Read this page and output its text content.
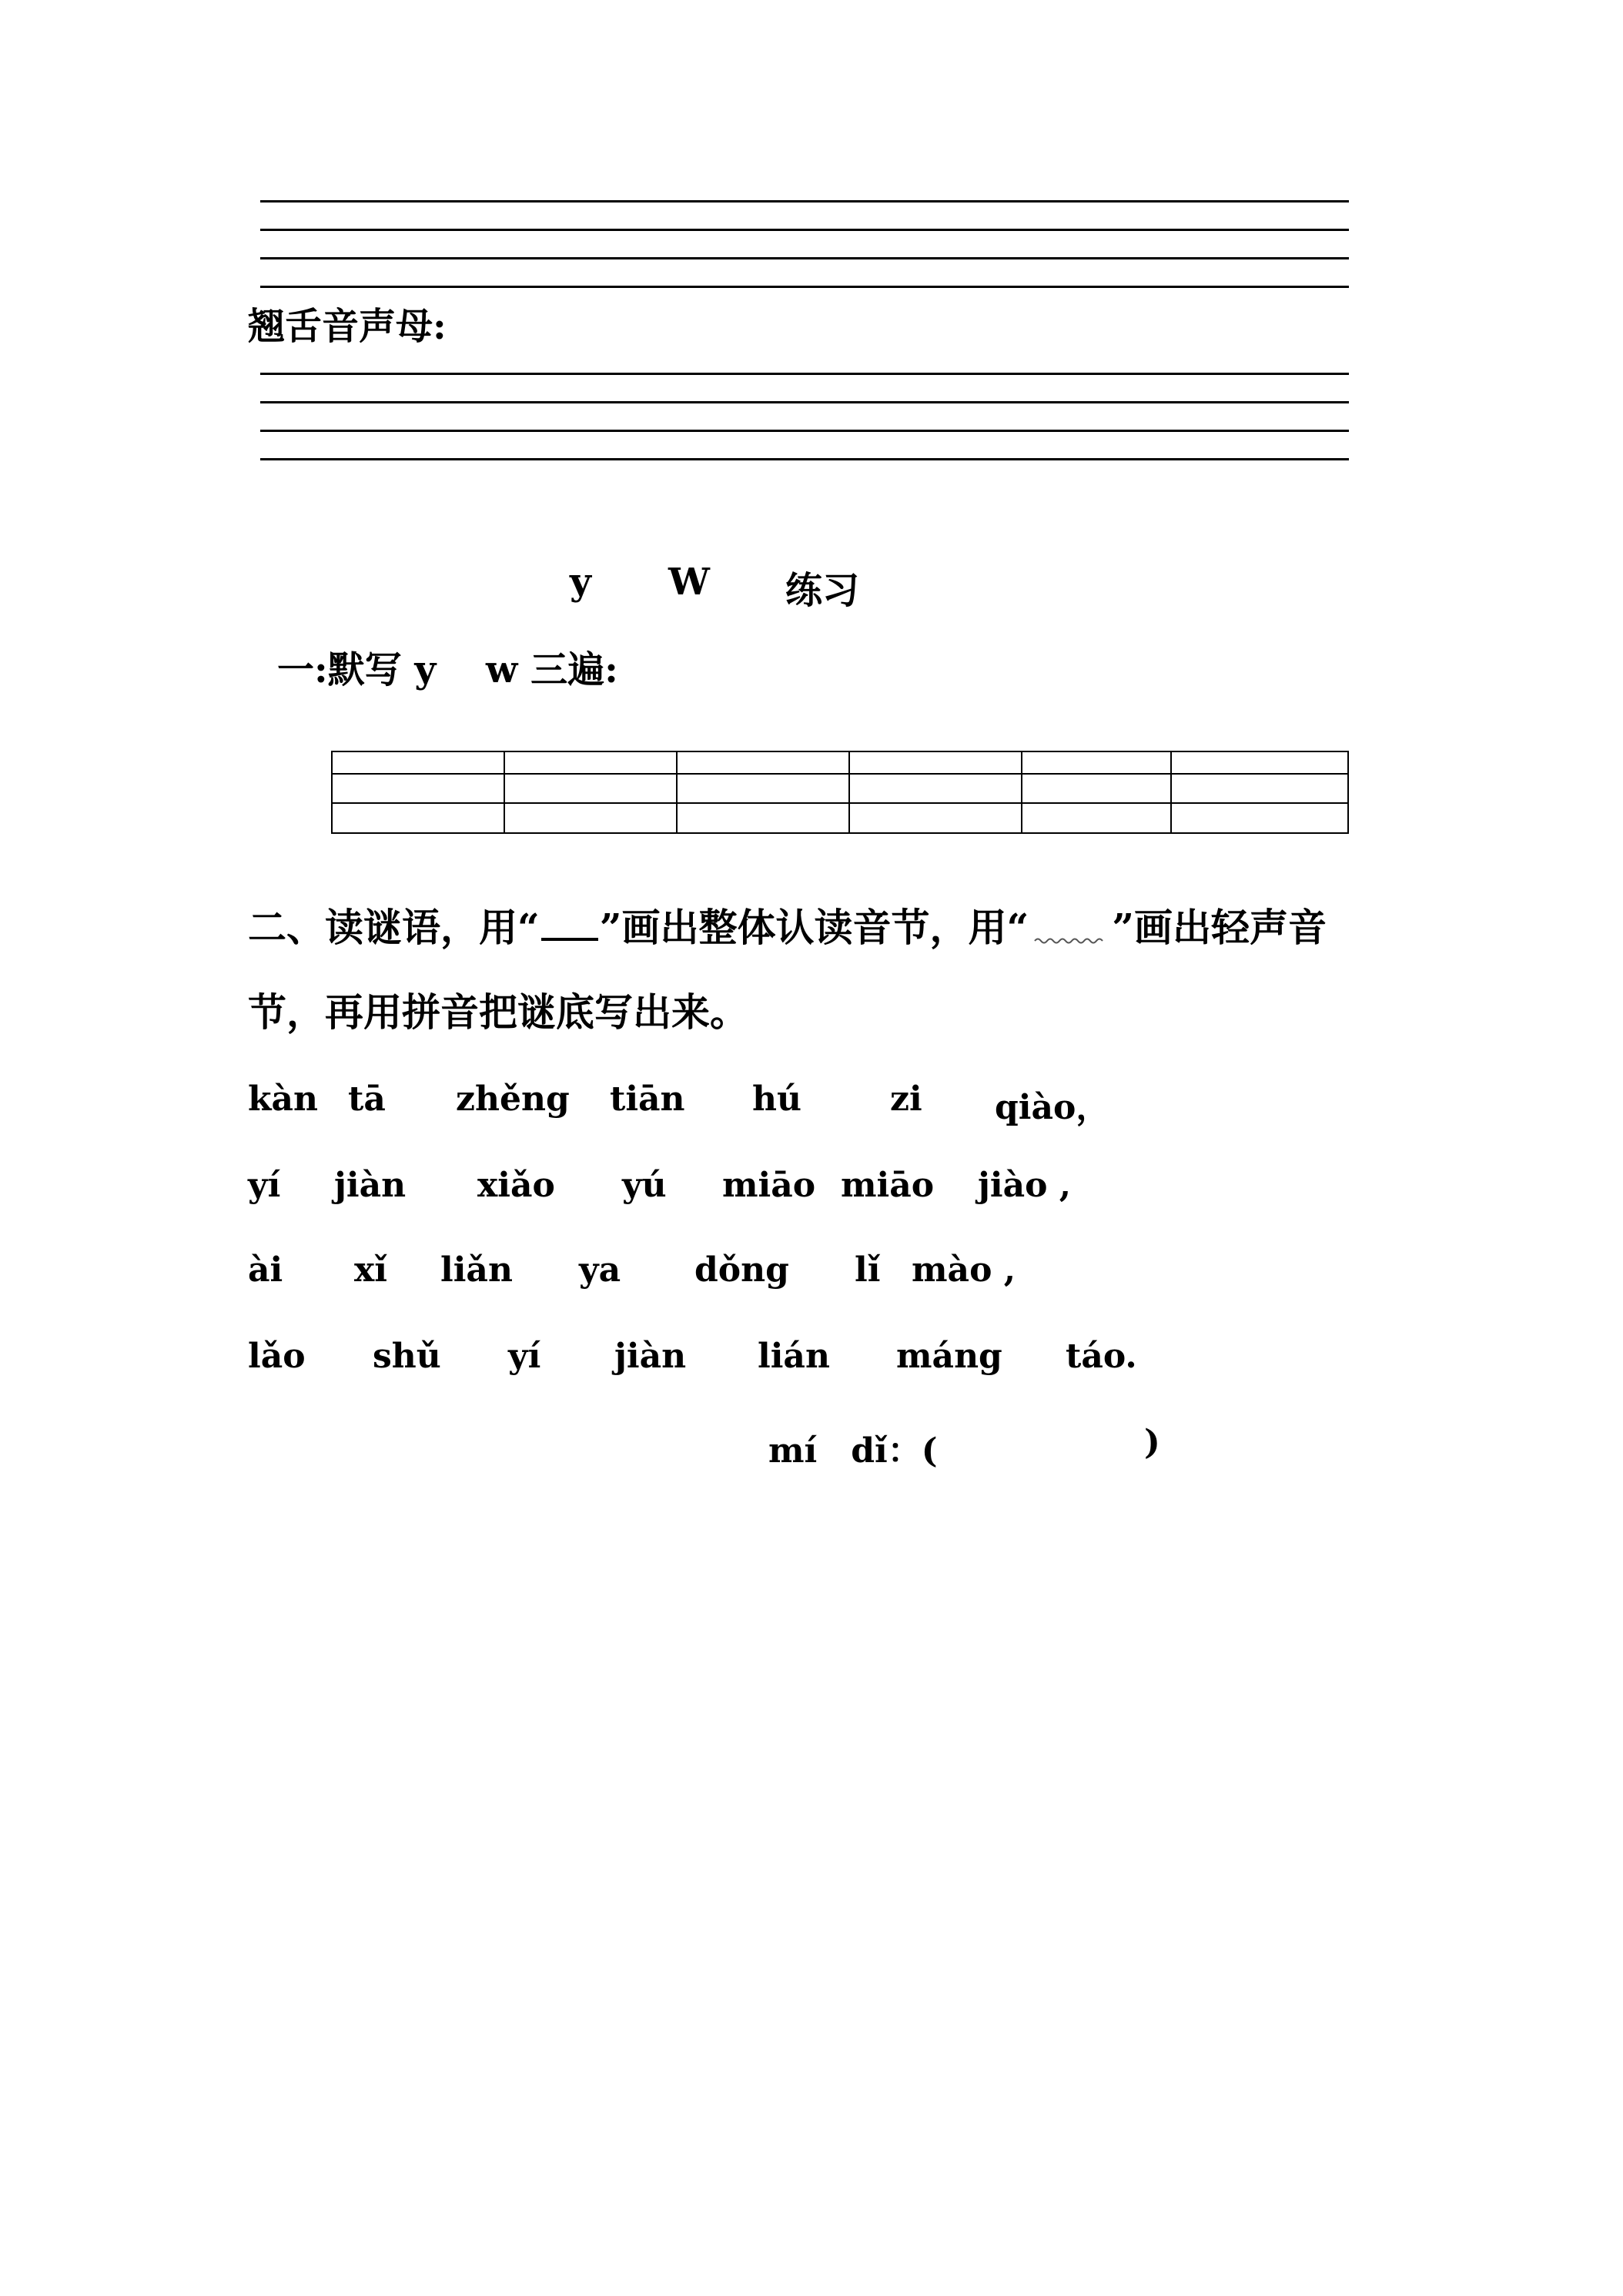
翘舌音声母:
y W 练习
一:默写 y　 w 三遍:

二、读谜语，用“ ”画出整体认读音节，用“ ”画出轻声音
节，再用拼音把谜底写出来。
kàn tā zhěng tiān hú	zi qiào，
yí jiàn xiǎo yú miāo miāo jiào ,
ài xǐ liǎn ya dǒng lǐ mào ,
lǎo shǔ yí jiàn lián máng táo.
mí　dǐ：(	)
